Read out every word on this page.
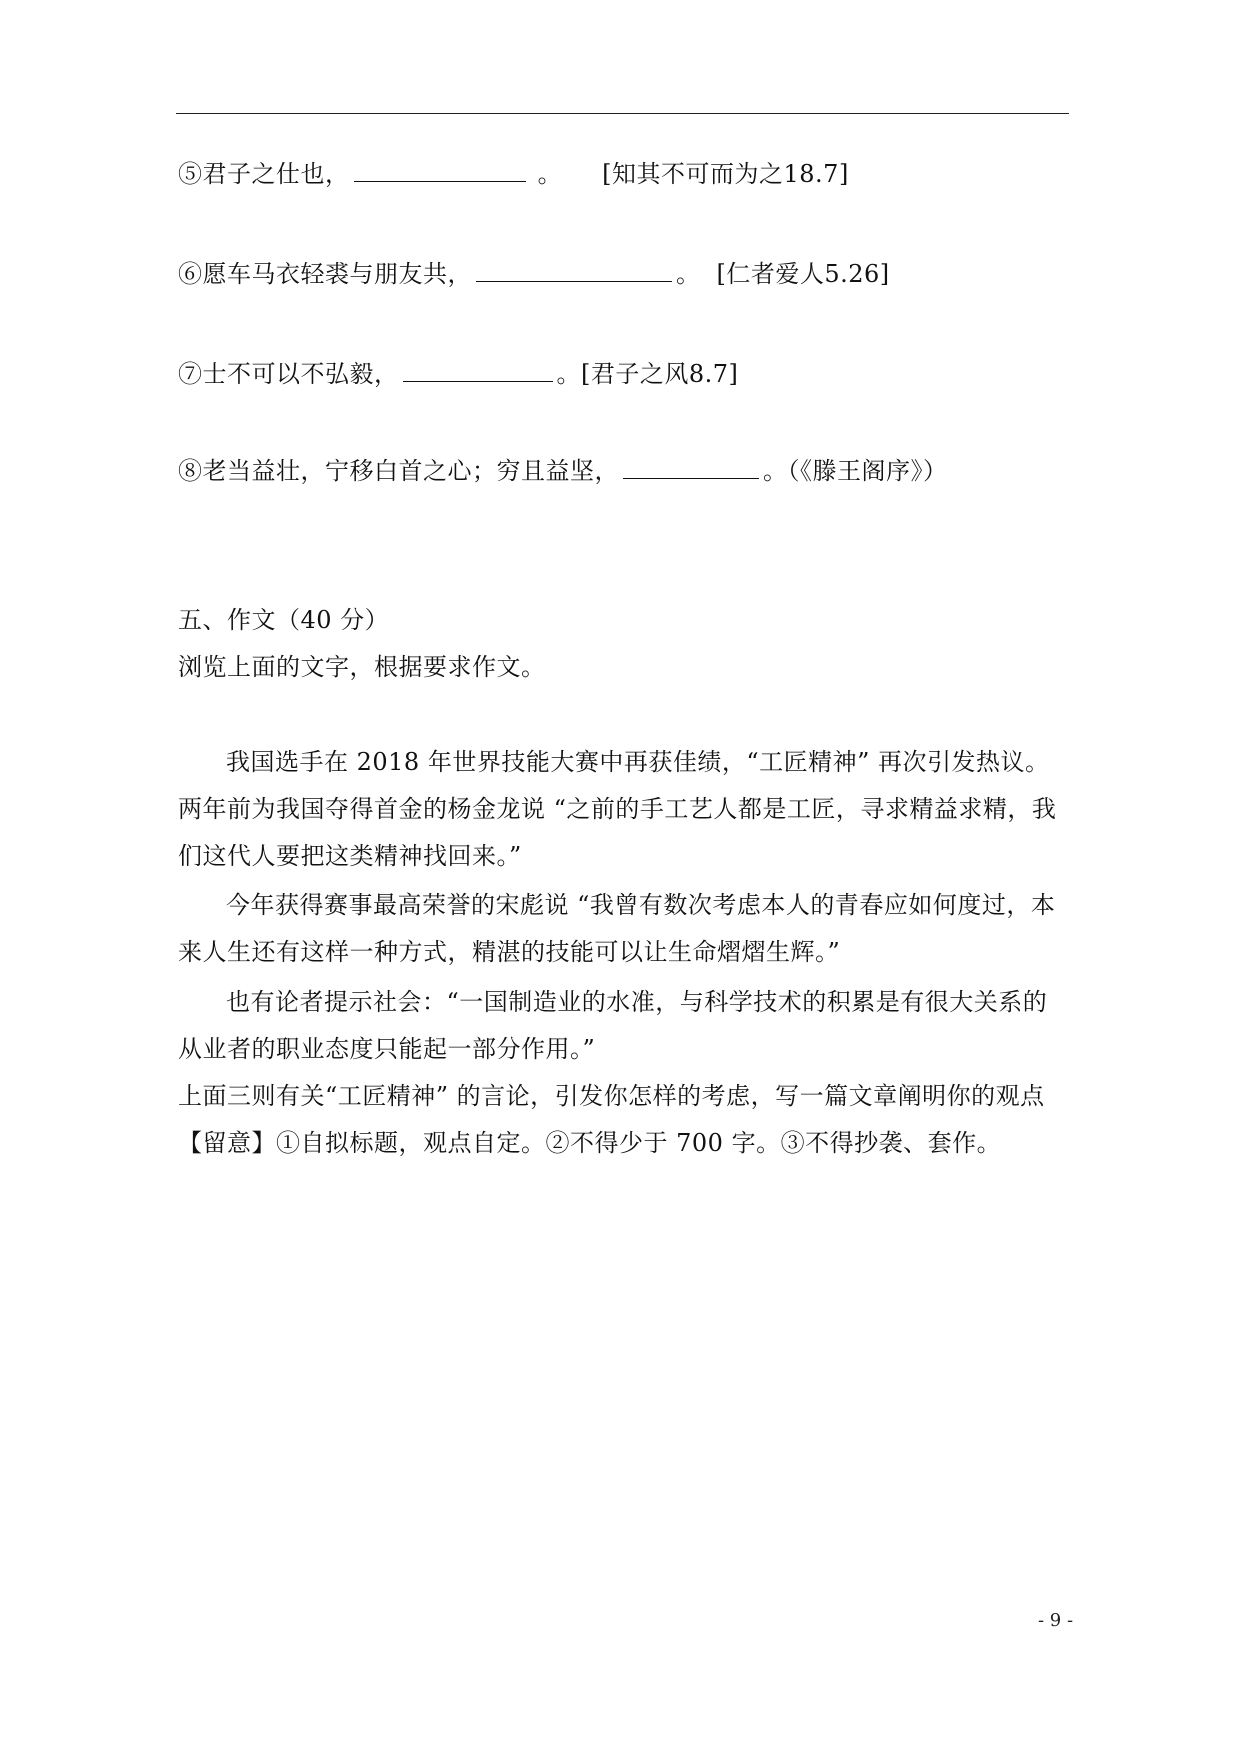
⑤君子之仕也，	。 [知其不可而为之18.7]
⑥愿车马衣轻裘与朋友共，	。 [仁者爱人5.26]
⑦士不可以不弘毅，	。[君子之风8.7]
⑧老当益壮，宁移白首之心；穷且益坚，	。（《滕王阁序》）
五、作文（40 分）
浏览上面的文字，根据要求作文。
我国选手在 2018 年世界技能大赛中再获佳绩，“工匠精神” 再次引发热议。
两年前为我国夺得首金的杨金龙说 “之前的手工艺人都是工匠，寻求精益求精，我
们这代人要把这类精神找回来。”
今年获得赛事最高荣誉的宋彪说 “我曾有数次考虑本人的青春应如何度过，本
来人生还有这样一种方式，精湛的技能可以让生命熠熠生辉。”
也有论者提示社会：“一国制造业的水准，与科学技术的积累是有很大关系的
从业者的职业态度只能起一部分作用。”
上面三则有关“工匠精神” 的言论，引发你怎样的考虑，写一篇文章阐明你的观点
【留意】①自拟标题，观点自定。②不得少于 700 字。③不得抄袭、套作。
- 9 -
